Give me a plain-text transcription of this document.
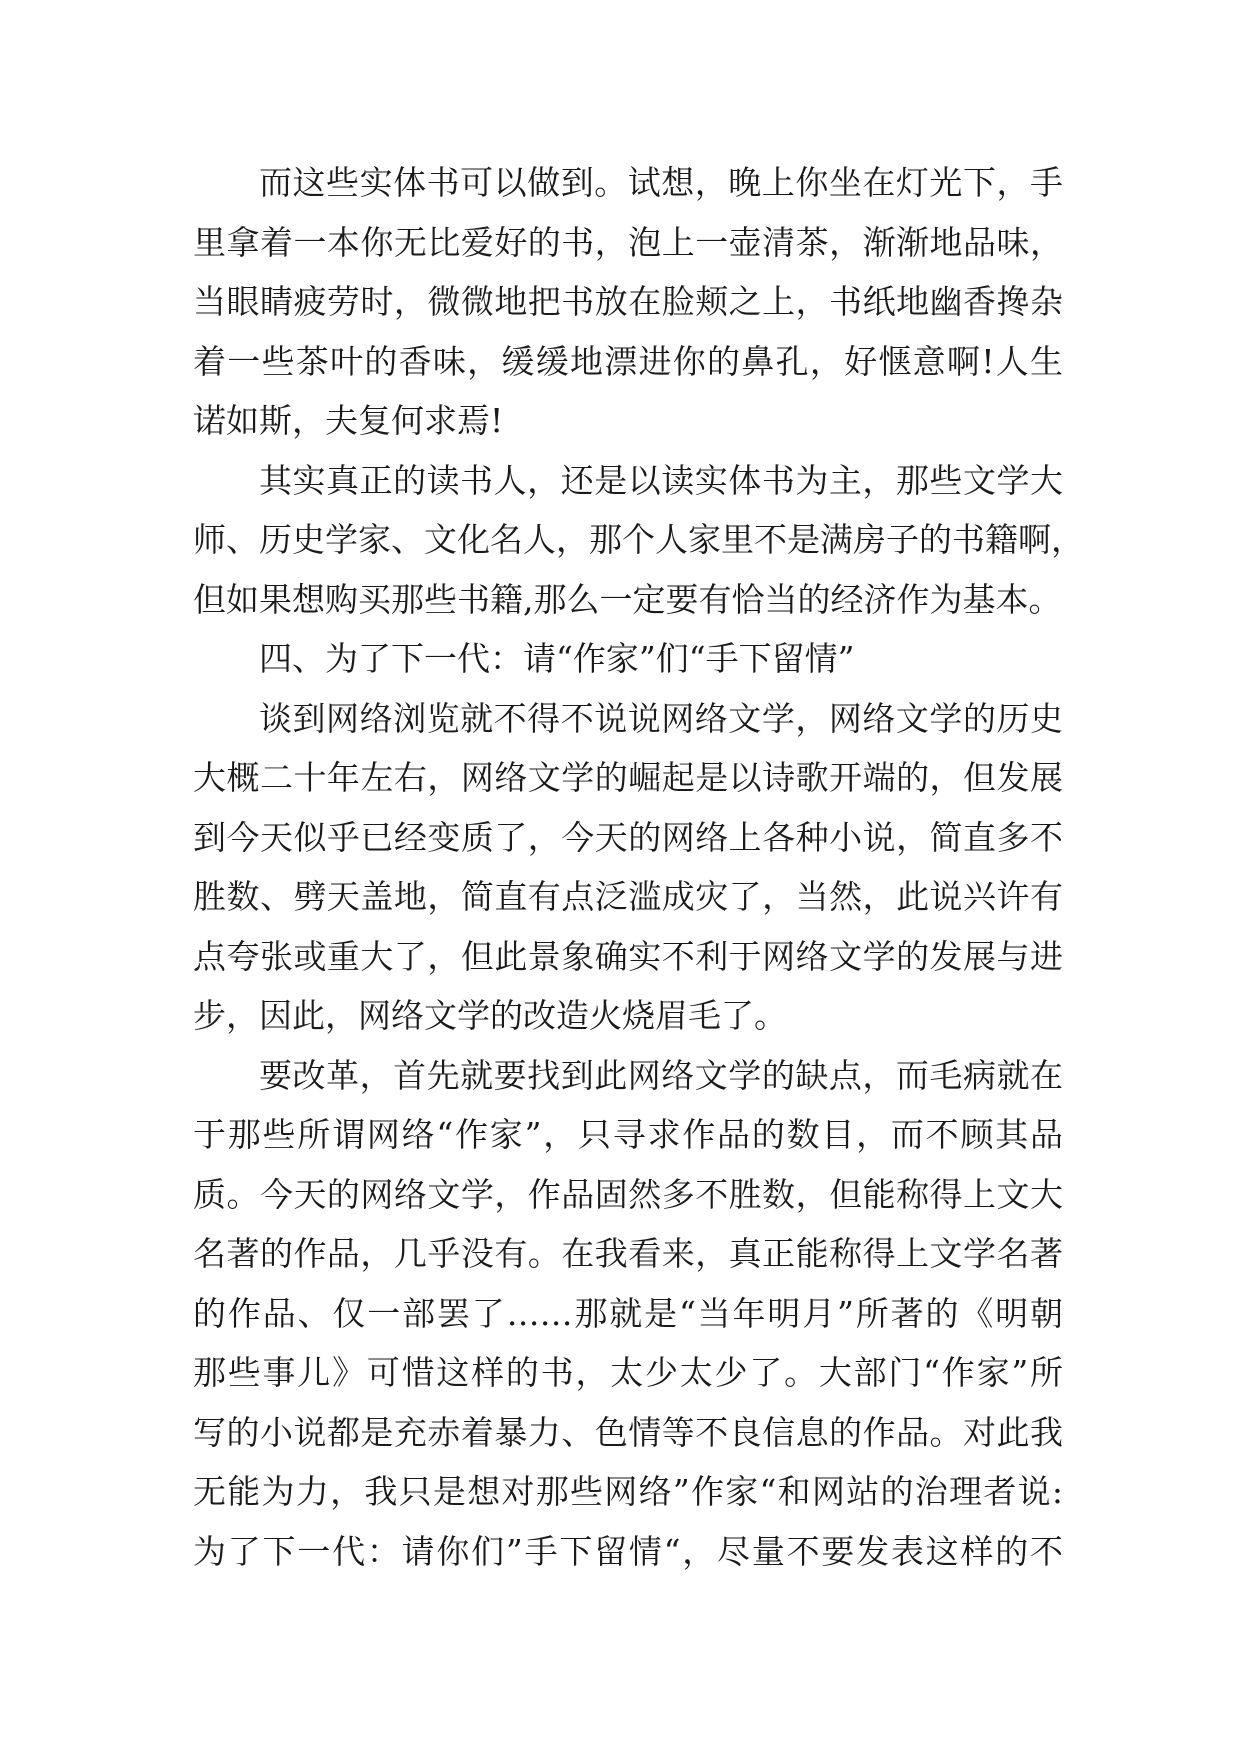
而这些实体书可以做到。试想，晚上你坐在灯光下，手
里拿着一本你无比爱好的书，泡上一壶清茶，渐渐地品味，
当眼睛疲劳时，微微地把书放在脸颊之上，书纸地幽香搀杂
着一些茶叶的香味，缓缓地漂进你的鼻孔，好惬意啊!人生
诺如斯，夫复何求焉!
其实真正的读书人，还是以读实体书为主，那些文学大
师、历史学家、文化名人，那个人家里不是满房子的书籍啊，
但如果想购买那些书籍,那么一定要有恰当的经济作为基本。
四、为了下一代：请“作家”们“手下留情”
谈到网络浏览就不得不说说网络文学，网络文学的历史
大概二十年左右，网络文学的崛起是以诗歌开端的，但发展
到今天似乎已经变质了，今天的网络上各种小说，简直多不
胜数、劈天盖地，简直有点泛滥成灾了，当然，此说兴许有
点夸张或重大了，但此景象确实不利于网络文学的发展与进
步，因此，网络文学的改造火烧眉毛了。
要改革，首先就要找到此网络文学的缺点，而毛病就在
于那些所谓网络“作家”，只寻求作品的数目，而不顾其品
质。今天的网络文学，作品固然多不胜数，但能称得上文大
名著的作品，几乎没有。在我看来，真正能称得上文学名著
的作品、仅一部罢了……那就是“当年明月”所著的《明朝
那些事儿》可惜这样的书，太少太少了。大部门“作家”所
写的小说都是充赤着暴力、色情等不良信息的作品。对此我
无能为力，我只是想对那些网络”作家“和网站的治理者说:
为了下一代：请你们”手下留情“，尽量不要发表这样的不
